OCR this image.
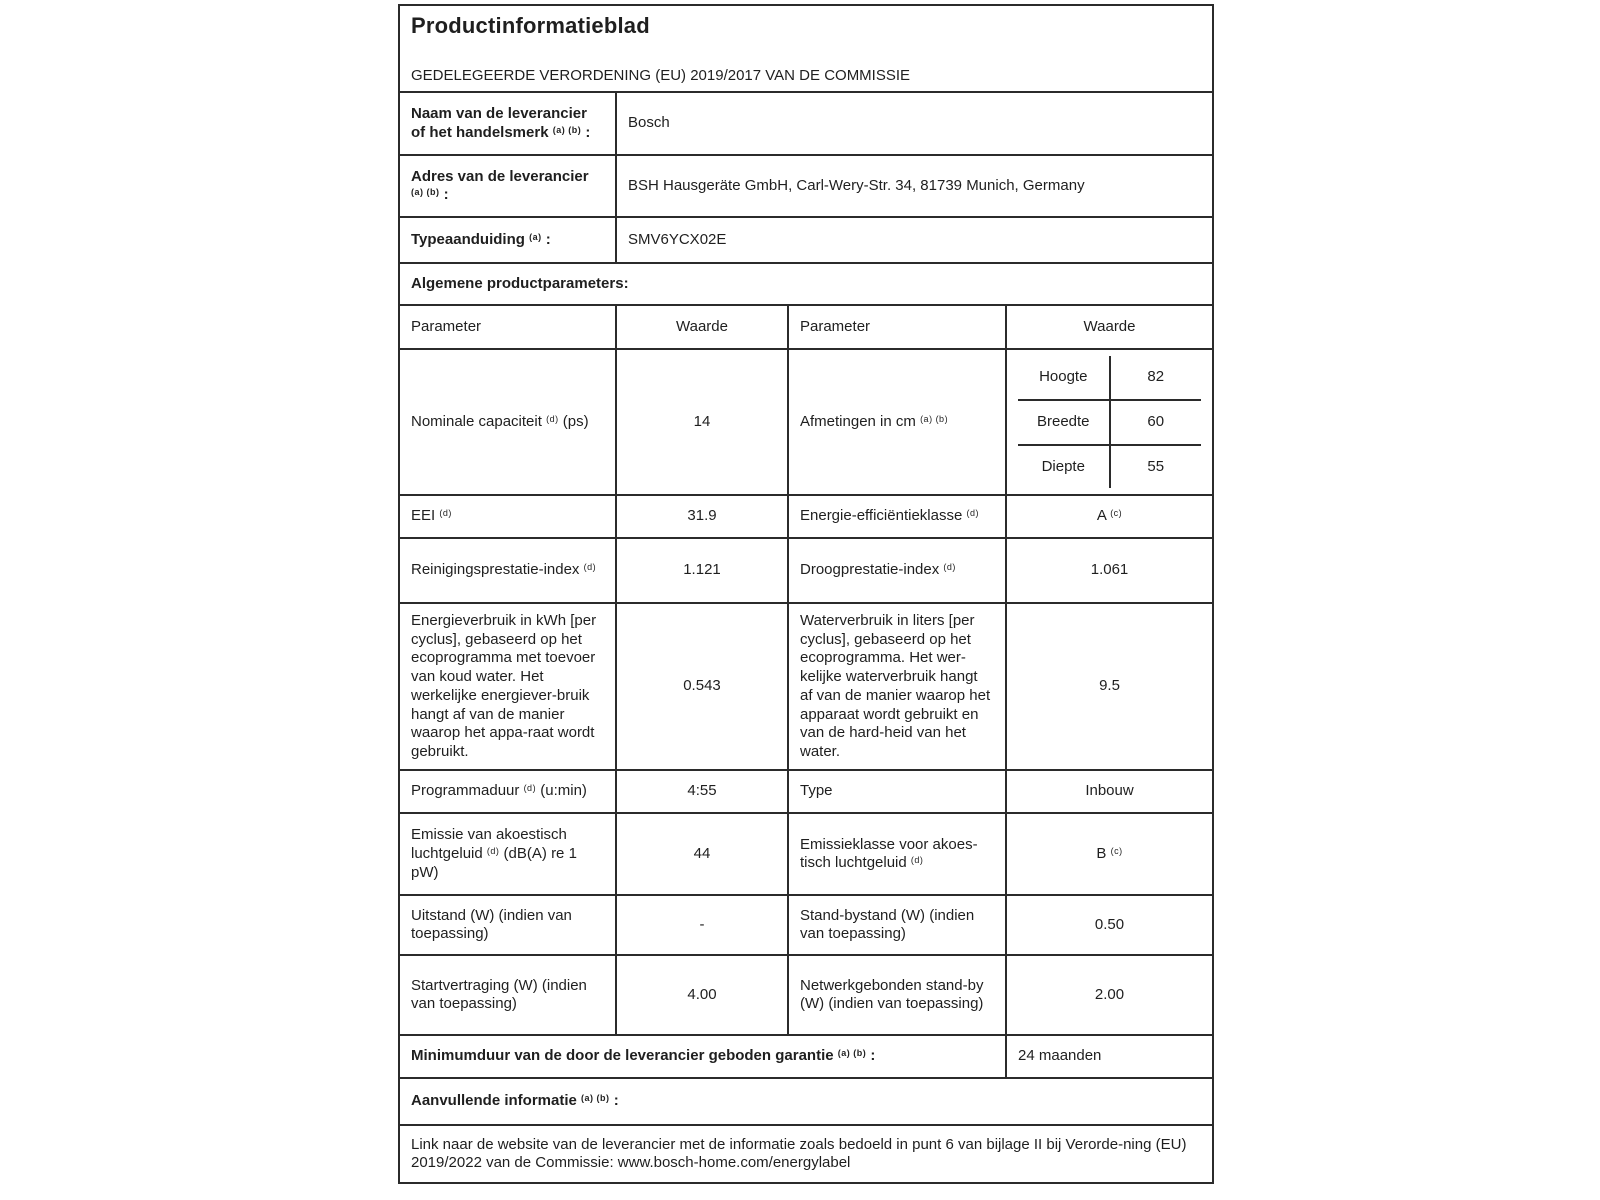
Productinformatieblad
GEDELEGEERDE VERORDENING (EU) 2019/2017 VAN DE COMMISSIE

Naam van de leverancier of het handelsmerk $^{(a) (b)}$ :	Bosch
Adres van de leverancier $^{(a) (b)}$ :	BSH Hausgeräte GmbH, Carl-Wery-Str. 34, 81739 Munich, Germany
Typeaanduiding $^{(a)}$ :	SMV6YCX02E
Algemene productparameters:
Parameter	Waarde	Parameter	Waarde
Nominale capaciteit $^{(d)}$ (ps)	14	Afmetingen in cm $^{(a) (b)}$	
Hoogte	82
Breedte	60
Diepte	55

EEI $^{(d)}$	31.9	Energie-efficiëntieklasse $^{(d)}$	A $^{(c)}$
Reinigingsprestatie-index $^{(d)}$	1.121	Droogprestatie-index $^{(d)}$	1.061
Energieverbruik in kWh [per cyclus], gebaseerd op het ecoprogramma met toevoer van koud water. Het werkelijke energiever-bruik hangt af van de manier waarop het appa-raat wordt gebruikt.	0.543	Waterverbruik in liters [per cyclus], gebaseerd op het ecoprogramma. Het wer-kelijke waterverbruik hangt af van de manier waarop het apparaat wordt gebruikt en van de hard-heid van het water.	9.5
Programmaduur $^{(d)}$ (u:min)	4:55	Type	Inbouw
Emissie van akoestisch luchtgeluid $^{(d)}$ (dB(A) re 1 pW)	44	Emissieklasse voor akoes-tisch luchtgeluid $^{(d)}$	B $^{(c)}$
Uitstand (W) (indien van toepassing)	-	Stand-bystand (W) (indien van toepassing)	0.50
Startvertraging (W) (indien van toepassing)	4.00	Netwerkgebonden stand-by (W) (indien van toepassing)	2.00
Minimumduur van de door de leverancier geboden garantie $^{(a) (b)}$ :	24 maanden
Aanvullende informatie $^{(a) (b)}$ :
Link naar de website van de leverancier met de informatie zoals bedoeld in punt 6 van bijlage II bij Verorde-ning (EU) 2019/2022 van de Commissie: www.bosch-home.com/energylabel
